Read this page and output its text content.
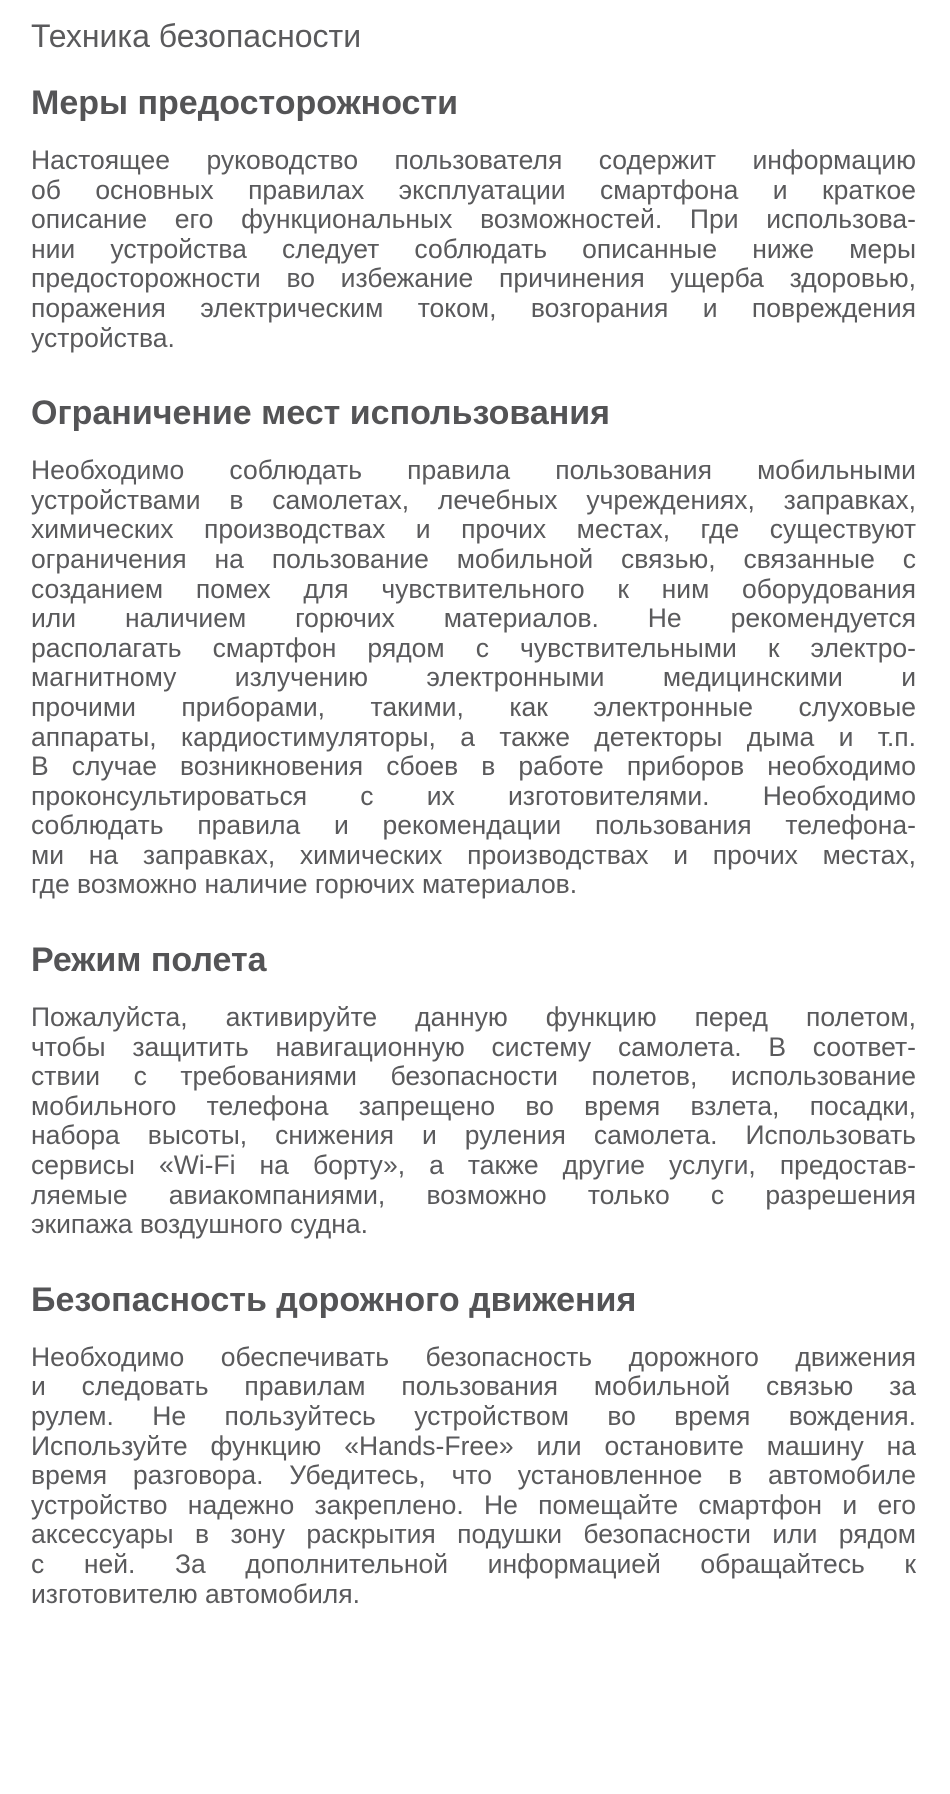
Техника безопасности
Меры предосторожности
Настоящее руководство пользователя содержит информацию
об основных правилах эксплуатации смартфона и краткое
описание его функциональных возможностей. При использова-
нии устройства следует соблюдать описанные ниже меры
предосторожности во избежание причинения ущерба здоровью,
поражения электрическим током, возгорания и повреждения
устройства.
Ограничение мест использования
Необходимо соблюдать правила пользования мобильными
устройствами в самолетах, лечебных учреждениях, заправках,
химических производствах и прочих местах, где существуют
ограничения на пользование мобильной связью, связанные с
созданием помех для чувствительного к ним оборудования
или наличием горючих материалов. Не рекомендуется
располагать смартфон рядом с чувствительными к электро-
магнитному излучению электронными медицинскими и
прочими приборами, такими, как электронные слуховые
аппараты, кардиостимуляторы, а также детекторы дыма и т.п.
В случае возникновения сбоев в работе приборов необходимо
проконсультироваться с их изготовителями. Необходимо
соблюдать правила и рекомендации пользования телефона-
ми на заправках, химических производствах и прочих местах,
где возможно наличие горючих материалов.
Режим полета
Пожалуйста, активируйте данную функцию перед полетом,
чтобы защитить навигационную систему самолета. В соответ-
ствии с требованиями безопасности полетов, использование
мобильного телефона запрещено во время взлета, посадки,
набора высоты, снижения и руления самолета. Использовать
сервисы «Wi-Fi на борту», а также другие услуги, предостав-
ляемые авиакомпаниями, возможно только с разрешения
экипажа воздушного судна.
Безопасность дорожного движения
Необходимо обеспечивать безопасность дорожного движения
и следовать правилам пользования мобильной связью за
рулем. Не пользуйтесь устройством во время вождения.
Используйте функцию «Hands-Free» или остановите машину на
время разговора. Убедитесь, что установленное в автомобиле
устройство надежно закреплено. Не помещайте смартфон и его
аксессуары в зону раскрытия подушки безопасности или рядом
с ней. За дополнительной информацией обращайтесь к
изготовителю автомобиля.
